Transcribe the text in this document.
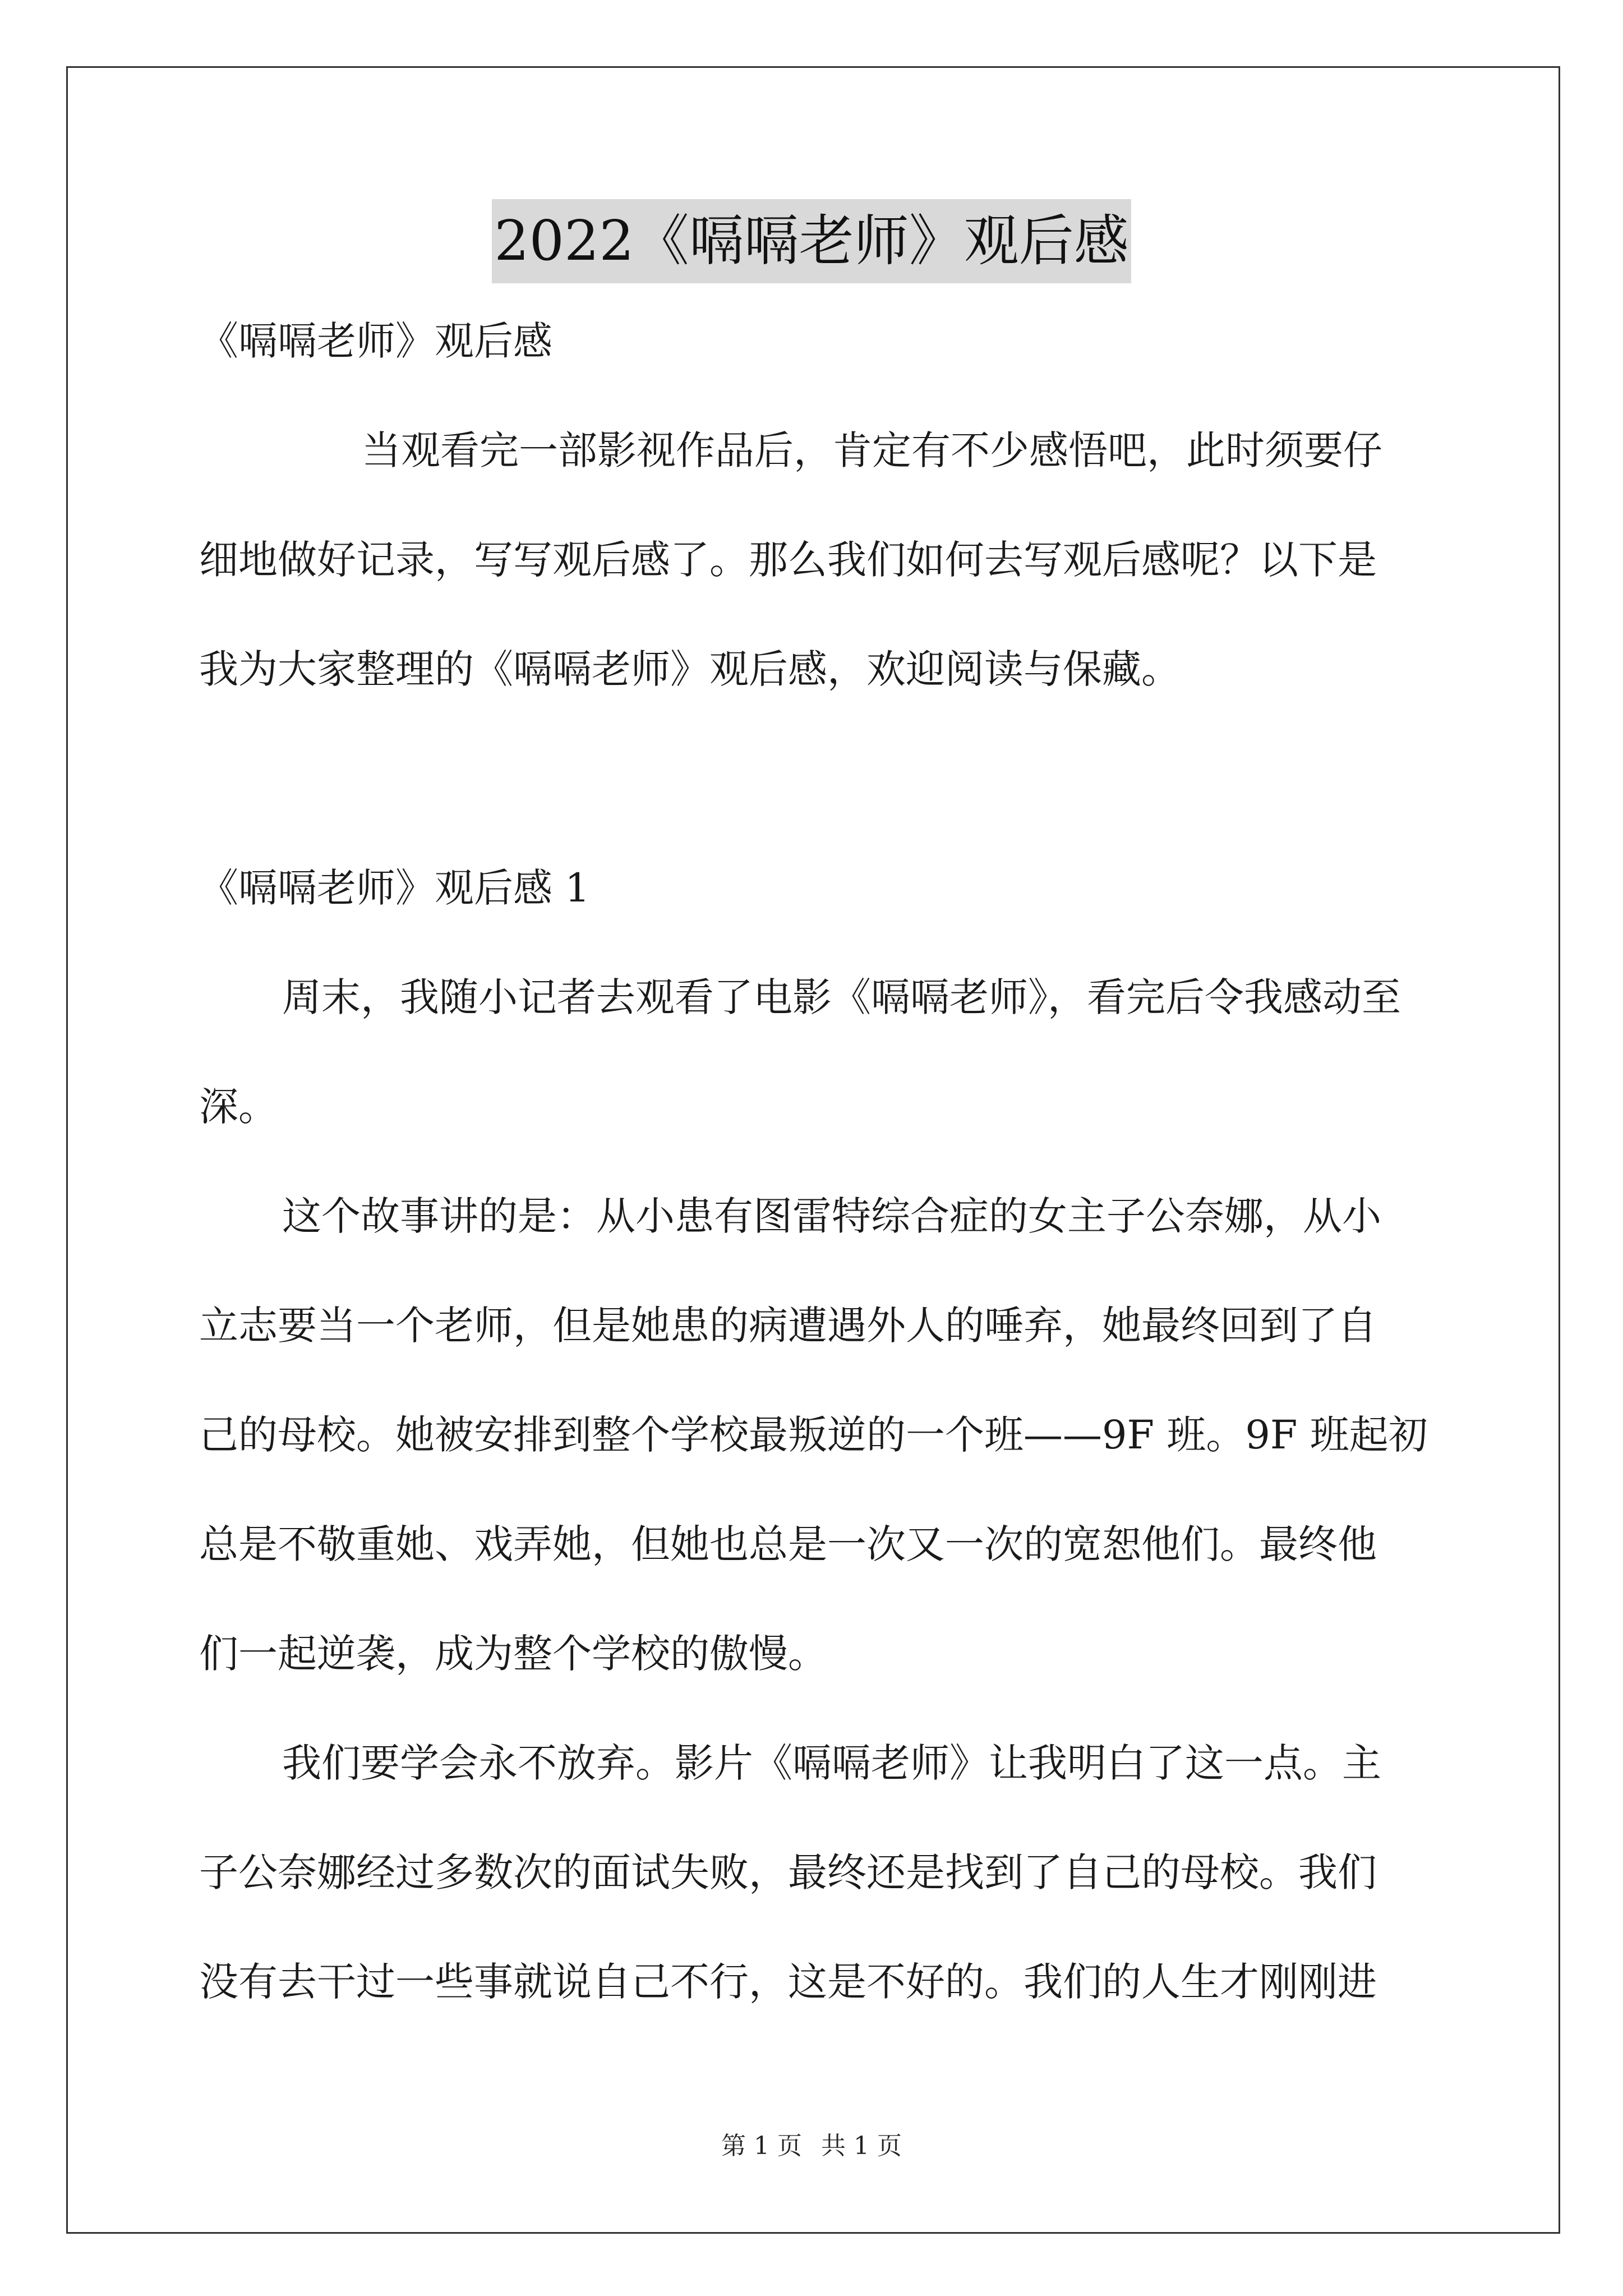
2022《嗝嗝老师》观后感
《嗝嗝老师》观后感
当观看完一部影视作品后，肯定有不少感悟吧，此时须要仔
细地做好记录，写写观后感了。那么我们如何去写观后感呢？以下是
我为大家整理的《嗝嗝老师》观后感，欢迎阅读与保藏。
《嗝嗝老师》观后感 1
周末，我随小记者去观看了电影《嗝嗝老师》，看完后令我感动至
深。
这个故事讲的是：从小患有图雷特综合症的女主子公奈娜，从小
立志要当一个老师，但是她患的病遭遇外人的唾弃，她最终回到了自
己的母校。她被安排到整个学校最叛逆的一个班——9F 班。9F 班起初
总是不敬重她、戏弄她，但她也总是一次又一次的宽恕他们。最终他
们一起逆袭，成为整个学校的傲慢。
我们要学会永不放弃。影片《嗝嗝老师》让我明白了这一点。主
子公奈娜经过多数次的面试失败，最终还是找到了自己的母校。我们
没有去干过一些事就说自己不行，这是不好的。我们的人生才刚刚进
第 1 页 共 1 页
